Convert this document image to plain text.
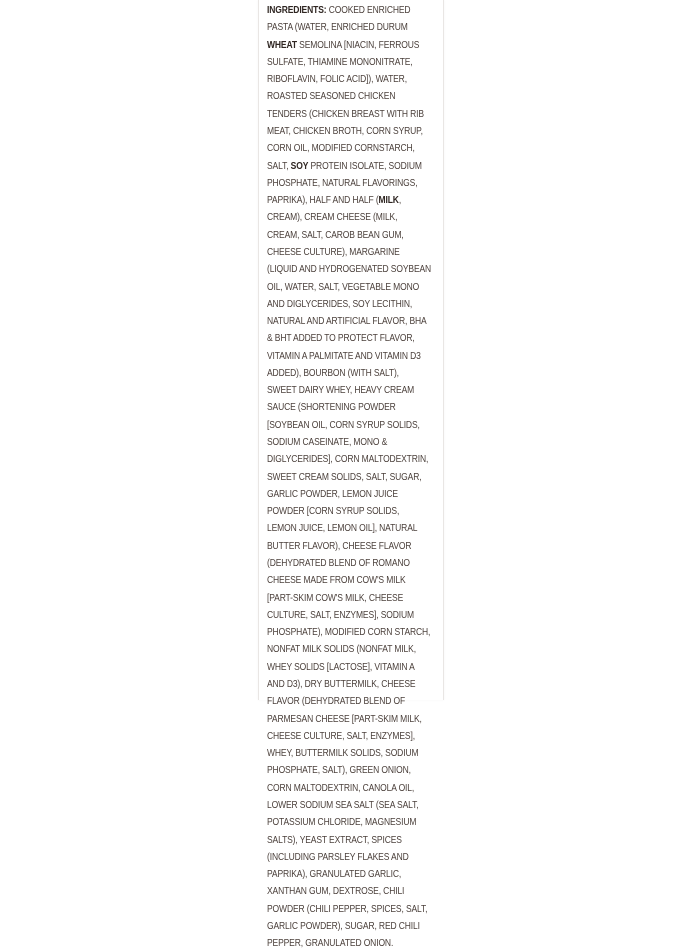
INGREDIENTS: COOKED ENRICHED
PASTA (WATER, ENRICHED DURUM
WHEAT SEMOLINA [NIACIN, FERROUS
SULFATE, THIAMINE MONONITRATE,
RIBOFLAVIN, FOLIC ACID]), WATER,
ROASTED SEASONED CHICKEN
TENDERS (CHICKEN BREAST WITH RIB
MEAT, CHICKEN BROTH, CORN SYRUP,
CORN OIL, MODIFIED CORNSTARCH,
SALT, SOY PROTEIN ISOLATE, SODIUM
PHOSPHATE, NATURAL FLAVORINGS,
PAPRIKA), HALF AND HALF (MILK,
CREAM), CREAM CHEESE (MILK,
CREAM, SALT, CAROB BEAN GUM,
CHEESE CULTURE), MARGARINE
(LIQUID AND HYDROGENATED SOYBEAN
OIL, WATER, SALT, VEGETABLE MONO
AND DIGLYCERIDES, SOY LECITHIN,
NATURAL AND ARTIFICIAL FLAVOR, BHA
& BHT ADDED TO PROTECT FLAVOR,
VITAMIN A PALMITATE AND VITAMIN D3
ADDED), BOURBON (WITH SALT),
SWEET DAIRY WHEY, HEAVY CREAM
SAUCE (SHORTENING POWDER
[SOYBEAN OIL, CORN SYRUP SOLIDS,
SODIUM CASEINATE, MONO &
DIGLYCERIDES], CORN MALTODEXTRIN,
SWEET CREAM SOLIDS, SALT, SUGAR,
GARLIC POWDER, LEMON JUICE
POWDER [CORN SYRUP SOLIDS,
LEMON JUICE, LEMON OIL], NATURAL
BUTTER FLAVOR), CHEESE FLAVOR
(DEHYDRATED BLEND OF ROMANO
CHEESE MADE FROM COW'S MILK
[PART-SKIM COW'S MILK, CHEESE
CULTURE, SALT, ENZYMES], SODIUM
PHOSPHATE), MODIFIED CORN STARCH,
NONFAT MILK SOLIDS (NONFAT MILK,
WHEY SOLIDS [LACTOSE], VITAMIN A
AND D3), DRY BUTTERMILK, CHEESE
FLAVOR (DEHYDRATED BLEND OF
PARMESAN CHEESE [PART-SKIM MILK,
CHEESE CULTURE, SALT, ENZYMES],
WHEY, BUTTERMILK SOLIDS, SODIUM
PHOSPHATE, SALT), GREEN ONION,
CORN MALTODEXTRIN, CANOLA OIL,
LOWER SODIUM SEA SALT (SEA SALT,
POTASSIUM CHLORIDE, MAGNESIUM
SALTS), YEAST EXTRACT, SPICES
(INCLUDING PARSLEY FLAKES AND
PAPRIKA), GRANULATED GARLIC,
XANTHAN GUM, DEXTROSE, CHILI
POWDER (CHILI PEPPER, SPICES, SALT,
GARLIC POWDER), SUGAR, RED CHILI
PEPPER, GRANULATED ONION.
